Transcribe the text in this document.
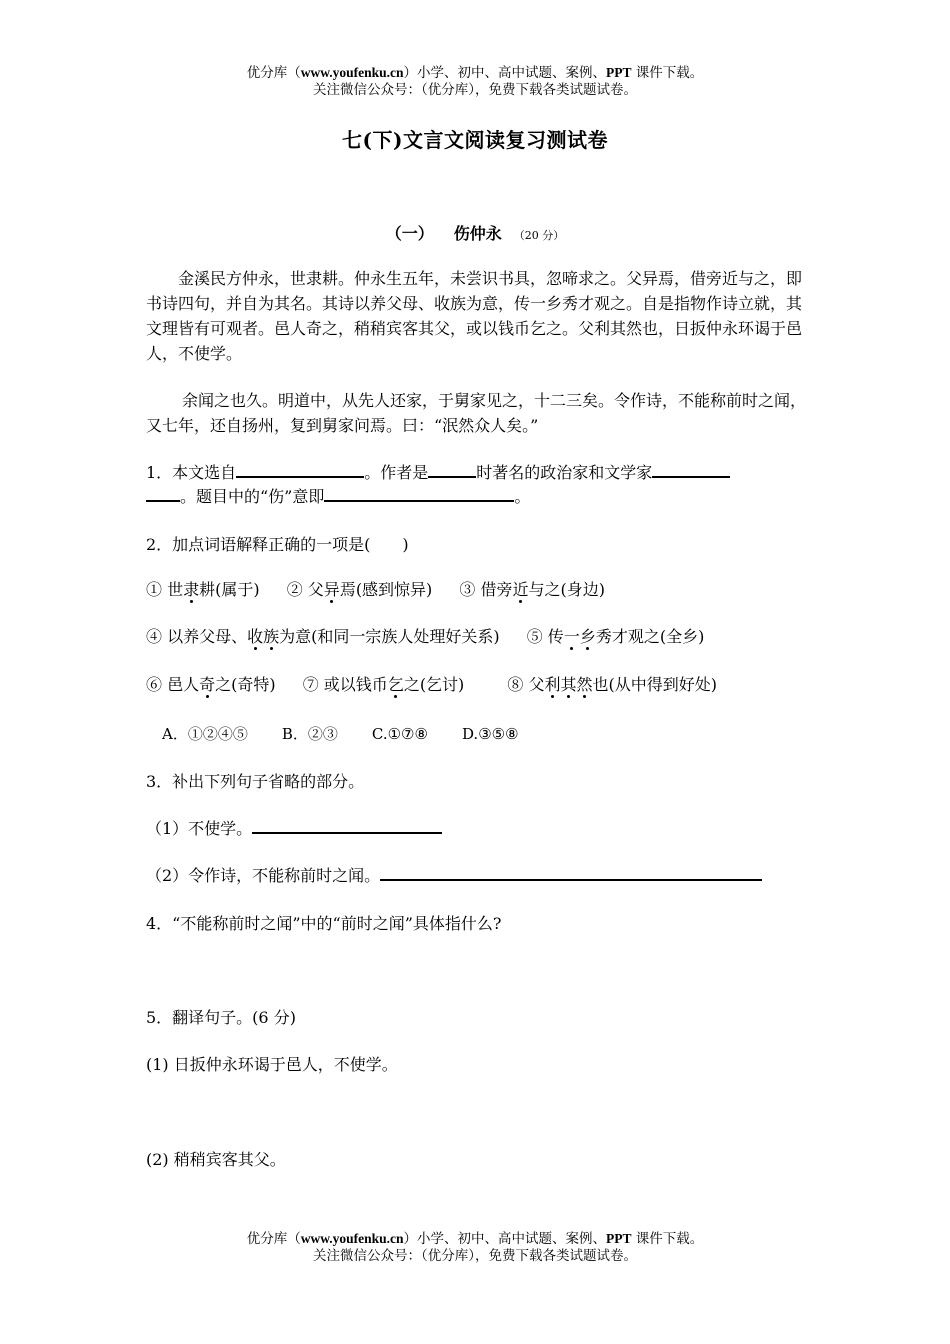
优分库（www.youfenku.cn）小学、初中、高中试题、案例、PPT 课件下载。
关注微信公众号：（优分库），免费下载各类试题试卷。
七(下)文言文阅读复习测试卷
（一） 伤仲永 （20 分）
金溪民方仲永，世隶耕。仲永生五年，未尝识书具，忽啼求之。父异焉，借旁近与之，即书诗四句，并自为其名。其诗以养父母、收族为意，传一乡秀才观之。自是指物作诗立就，其文理皆有可观者。邑人奇之，稍稍宾客其父，或以钱币乞之。父利其然也，日扳仲永环谒于邑人，不使学。
余闻之也久。明道中，从先人还家，于舅家见之，十二三矣。令作诗，不能称前时之闻，又七年，还自扬州，复到舅家问焉。曰：“泯然众人矣。”
1．本文选自	。作者是	时著名的政治家和文学家
。题目中的“伤”意即	。
2．加点词语解释正确的一项是(　　)
① 世隶耕(属于) ② 父异焉(感到惊异) ③ 借旁近与之(身边)
④ 以养父母、收族为意(和同一宗族人处理好关系) ⑤ 传一乡秀才观之(全乡)
⑥ 邑人奇之(奇特) ⑦ 或以钱币乞之(乞讨)	⑧ 父利其然也(从中得到好处)
A．①②④⑤ B．②③ C.①⑦⑧ D.③⑤⑧
3．补出下列句子省略的部分。
（1）不使学。
（2）令作诗，不能称前时之闻。
4．“不能称前时之闻”中的“前时之闻”具体指什么?
5．翻译句子。(6 分)
(1) 日扳仲永环谒于邑人，不使学。
(2) 稍稍宾客其父。
优分库（www.youfenku.cn）小学、初中、高中试题、案例、PPT 课件下载。
关注微信公众号：（优分库），免费下载各类试题试卷。
